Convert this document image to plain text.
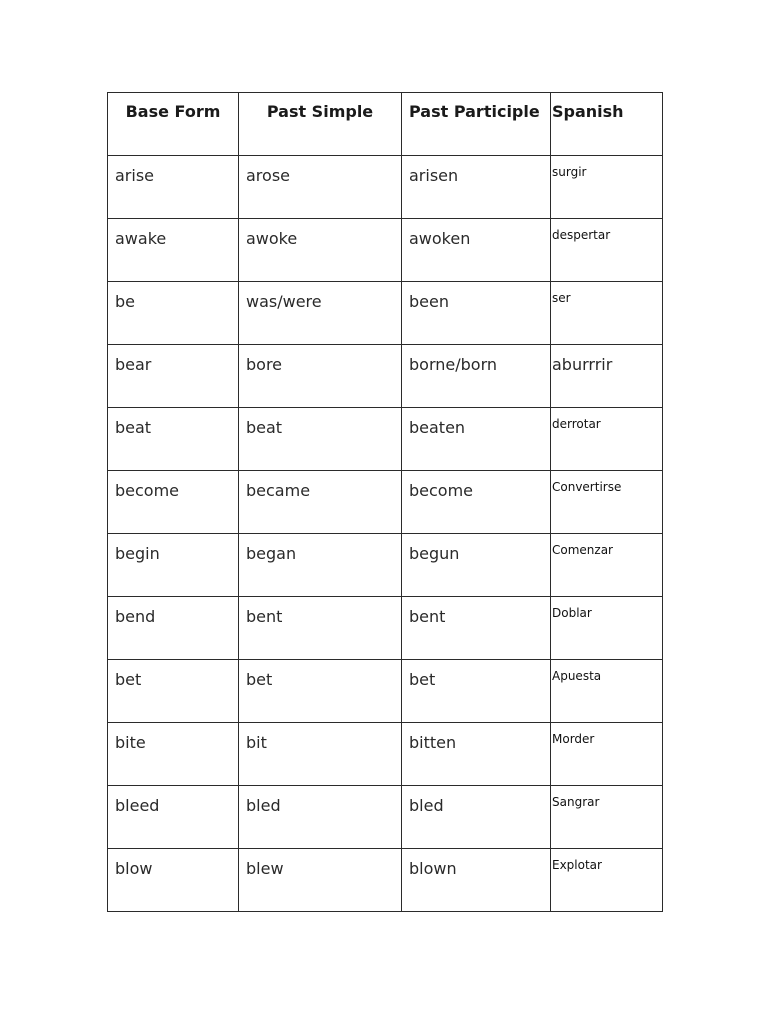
Base Form	Past Simple	Past Participle	Spanish

arise	arose	arisen	surgir

awake	awoke	awoken	despertar

be	was/were	been	ser

bear	bore	borne/born	aburrrir

beat	beat	beaten	derrotar

become	became	become	Convertirse

begin	began	begun	Comenzar

bend	bent	bent	Doblar

bet	bet	bet	Apuesta

bite	bit	bitten	Morder

bleed	bled	bled	Sangrar

blow	blew	blown	Explotar
